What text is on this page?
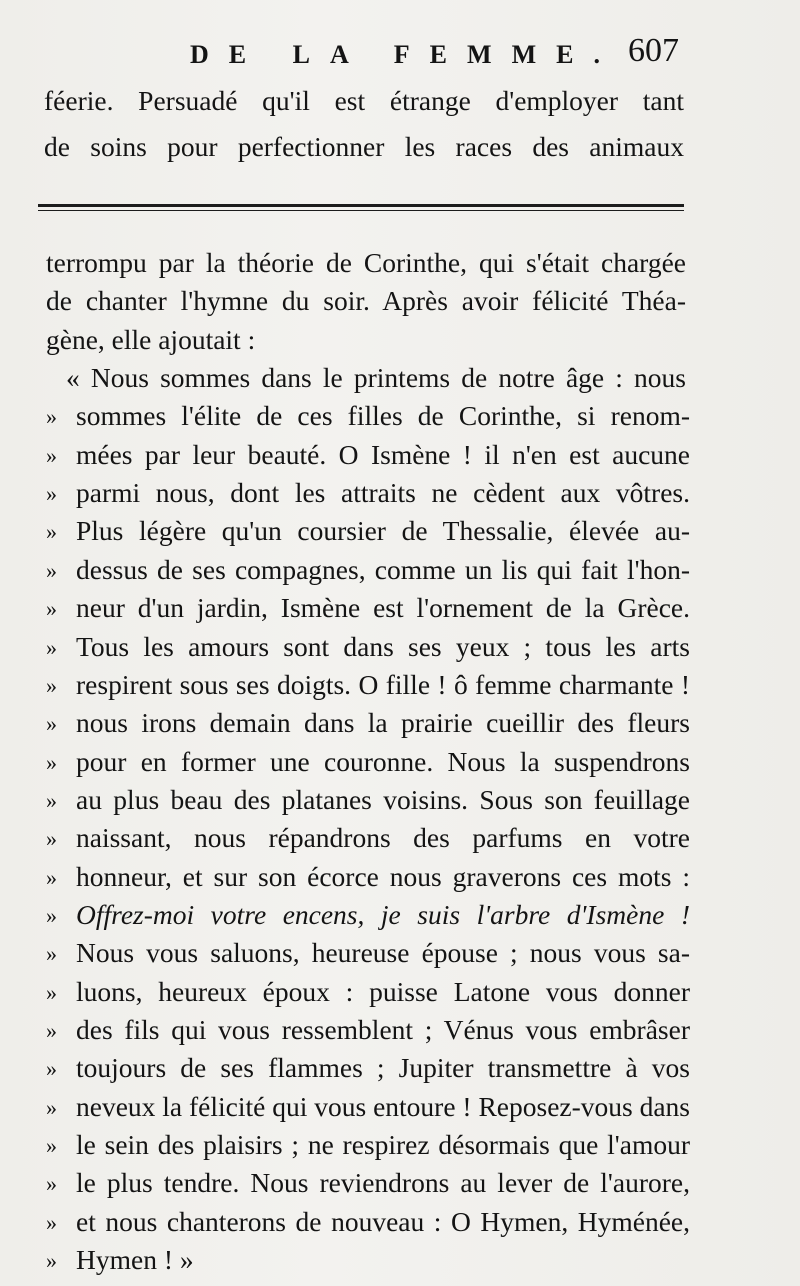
DE LA FEMME. 607
féerie. Persuadé qu'il est étrange d'employer tant
de soins pour perfectionner les races des animaux
terrompu par la théorie de Corinthe, qui s'était chargée
de chanter l'hymne du soir. Après avoir félicité Théa-
gène, elle ajoutait :
« Nous sommes dans le printems de notre âge : nous
» sommes l'élite de ces filles de Corinthe, si renom-
» mées par leur beauté. O Ismène ! il n'en est aucune
» parmi nous, dont les attraits ne cèdent aux vôtres.
» Plus légère qu'un coursier de Thessalie, élevée au-
» dessus de ses compagnes, comme un lis qui fait l'hon-
» neur d'un jardin, Ismène est l'ornement de la Grèce.
» Tous les amours sont dans ses yeux ; tous les arts
» respirent sous ses doigts. O fille ! ô femme charmante !
» nous irons demain dans la prairie cueillir des fleurs
» pour en former une couronne. Nous la suspendrons
» au plus beau des platanes voisins. Sous son feuillage
» naissant, nous répandrons des parfums en votre
» honneur, et sur son écorce nous graverons ces mots :
» Offrez-moi votre encens, je suis l'arbre d'Ismène !
» Nous vous saluons, heureuse épouse ; nous vous sa-
» luons, heureux époux : puisse Latone vous donner
» des fils qui vous ressemblent ; Vénus vous embrâser
» toujours de ses flammes ; Jupiter transmettre à vos
» neveux la félicité qui vous entoure ! Reposez-vous dans
» le sein des plaisirs ; ne respirez désormais que l'amour
» le plus tendre. Nous reviendrons au lever de l'aurore,
» et nous chanterons de nouveau : O Hymen, Hyménée,
» Hymen ! »
